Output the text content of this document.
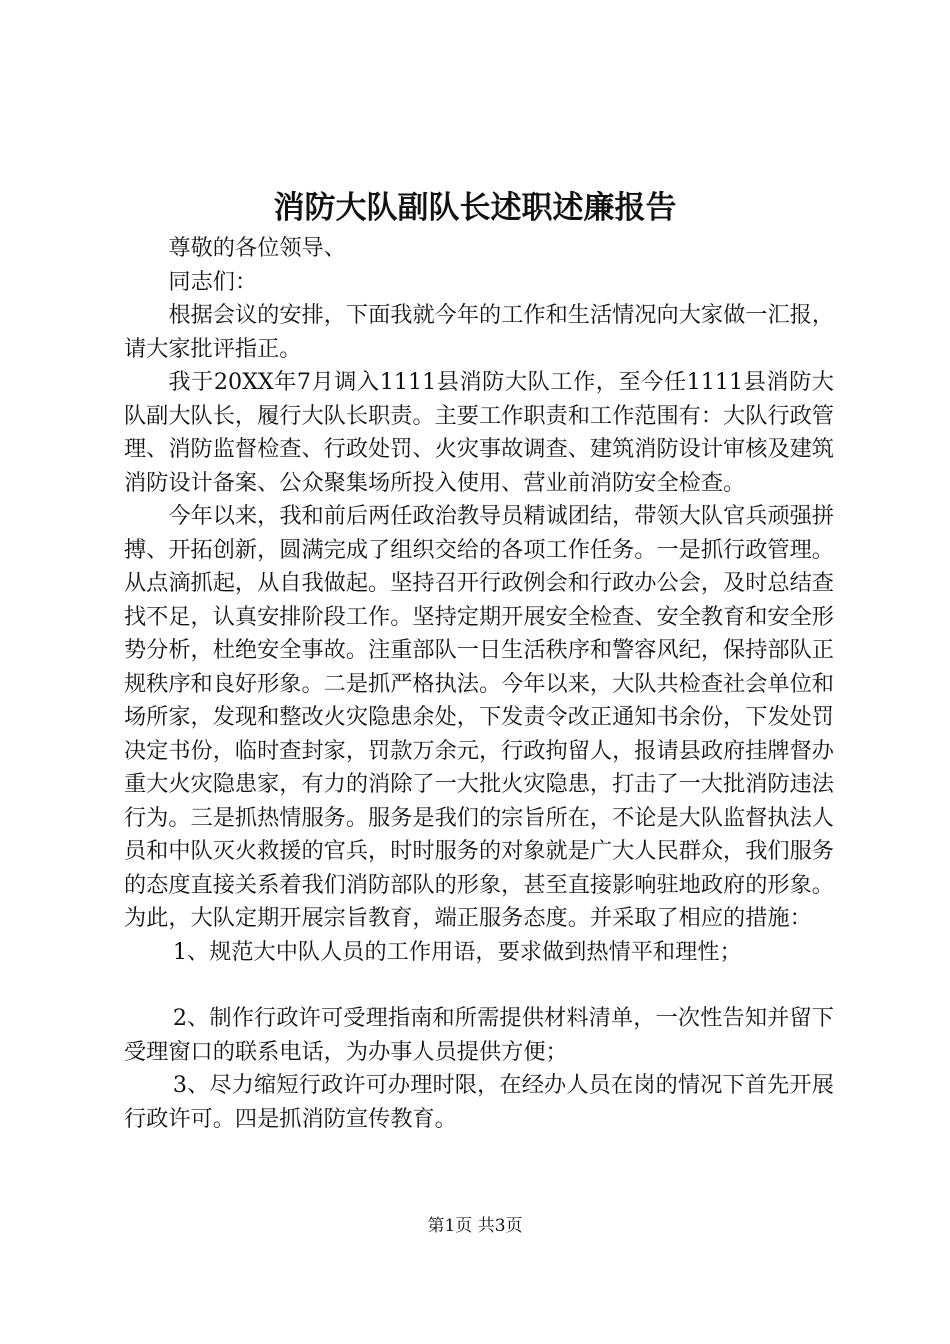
消防大队副队长述职述廉报告

尊敬的各位领导、

同志们：

根据会议的安排，下面我就今年的工作和生活情况向大家做一汇报，请大家批评指正。

我于20XX年7月调入1111县消防大队工作，至今任1111县消防大队副大队长，履行大队长职责。主要工作职责和工作范围有：大队行政管理、消防监督检查、行政处罚、火灾事故调查、建筑消防设计审核及建筑消防设计备案、公众聚集场所投入使用、营业前消防安全检查。

今年以来，我和前后两任政治教导员精诚团结，带领大队官兵顽强拼搏、开拓创新，圆满完成了组织交给的各项工作任务。一是抓行政管理。从点滴抓起，从自我做起。坚持召开行政例会和行政办公会，及时总结查找不足，认真安排阶段工作。坚持定期开展安全检查、安全教育和安全形势分析，杜绝安全事故。注重部队一日生活秩序和警容风纪，保持部队正规秩序和良好形象。二是抓严格执法。今年以来，大队共检查社会单位和场所家，发现和整改火灾隐患余处，下发责令改正通知书余份，下发处罚决定书份，临时查封家，罚款万余元，行政拘留人，报请县政府挂牌督办重大火灾隐患家，有力的消除了一大批火灾隐患，打击了一大批消防违法行为。三是抓热情服务。服务是我们的宗旨所在，不论是大队监督执法人员和中队灭火救援的官兵，时时服务的对象就是广大人民群众，我们服务的态度直接关系着我们消防部队的形象，甚至直接影响驻地政府的形象。为此，大队定期开展宗旨教育，端正服务态度。并采取了相应的措施：

1、规范大中队人员的工作用语，要求做到热情平和理性；

2、制作行政许可受理指南和所需提供材料清单，一次性告知并留下受理窗口的联系电话，为办事人员提供方便；

3、尽力缩短行政许可办理时限，在经办人员在岗的情况下首先开展行政许可。四是抓消防宣传教育。

第1页 共3页
